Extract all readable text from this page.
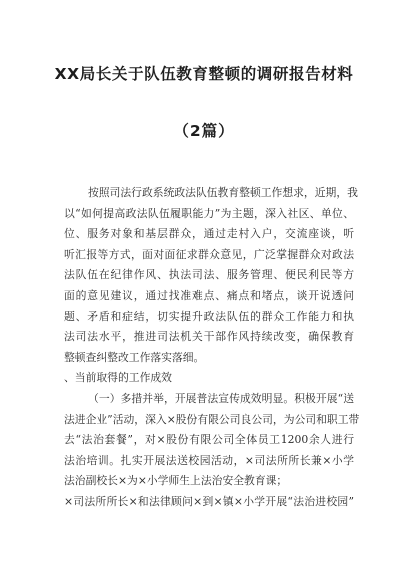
XX局长关于队伍教育整顿的调研报告材料
（2篇）
按照司法行政系统政法队伍教育整顿工作想求，近期，我
以“如何提高政法队伍履职能力”为主题，深入社区、单位、
位、服务对象和基层群众，通过走村入户，交流座谈，听
听汇报等方式，面对面征求群众意见，广泛掌握群众对政法
法队伍在纪律作风、执法司法、服务管理、便民利民等方
面的意见建议，通过找准难点、痛点和堵点，谈开说透问
题、矛盾和症结，切实提升政法队伍的群众工作能力和执
法司法水平，推进司法机关干部作风持续改变，确保教育
整顿查纠整改工作落实落细。
、当前取得的工作成效
（一）多措并举，开展普法宣传成效明显。积极开展“送
法进企业”活动，深入×股份有限公司良公司，为公司和职工带
去“法治套餐”，对×股份有限公司全体员工1200余人进行
法治培训。扎实开展法送校园活动，×司法所所长兼×小学
法治副校长×为×小学师生上法治安全教育课；
×司法所所长×和法律顾问×到×镇×小学开展“法治进校园”
